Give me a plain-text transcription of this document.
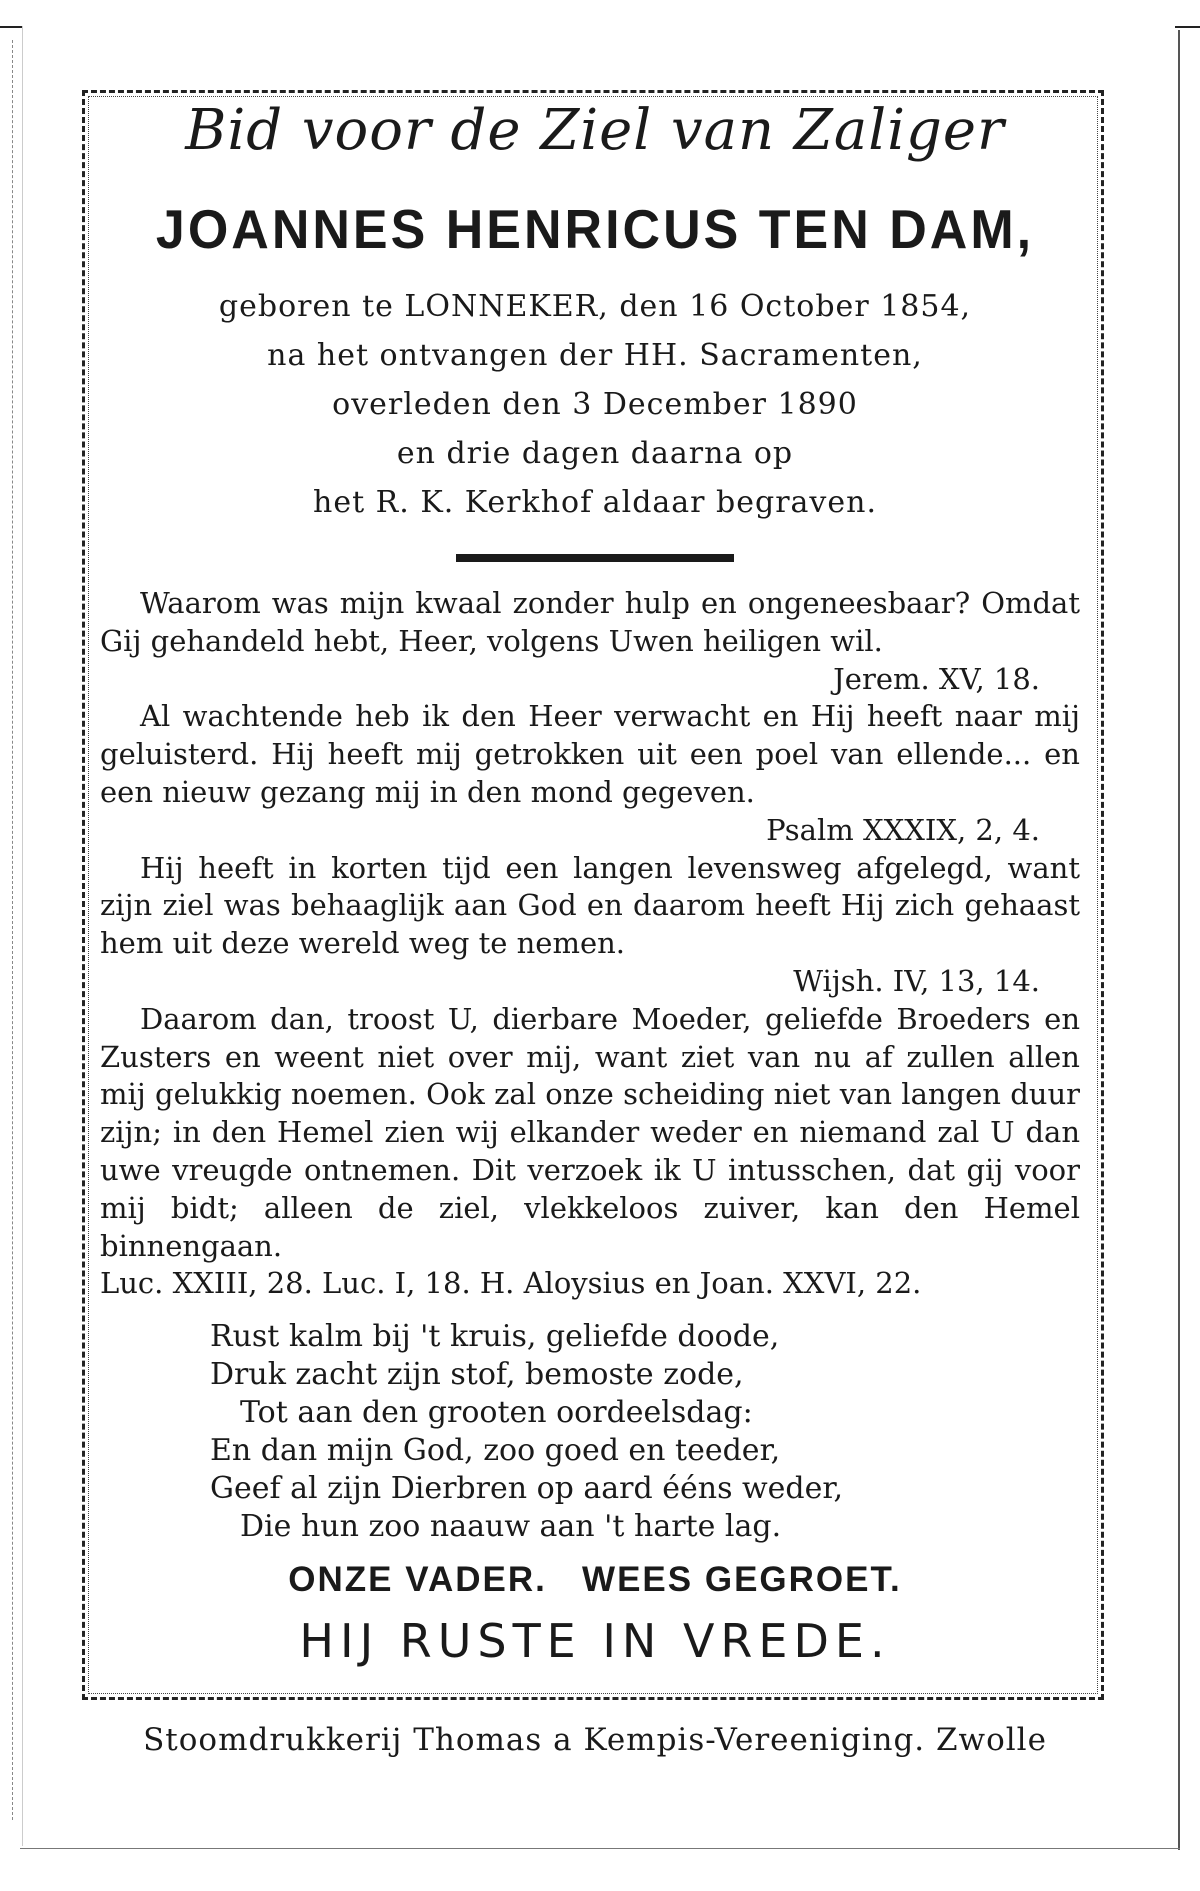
Bid voor de Ziel van Zaliger
JOANNES HENRICUS TEN DAM,
geboren te LONNEKER, den 16 October 1854,
na het ontvangen der HH. Sacramenten,
overleden den 3 December 1890
en drie dagen daarna op
het R. K. Kerkhof aldaar begraven.
Waarom was mijn kwaal zonder hulp en ongeneesbaar? Omdat Gij gehandeld hebt, Heer, volgens Uwen heiligen wil.
Jerem. XV, 18.
Al wachtende heb ik den Heer verwacht en Hij heeft naar mij geluisterd. Hij heeft mij getrokken uit een poel van ellende... en een nieuw gezang mij in den mond gegeven.
Psalm XXXIX, 2, 4.
Hij heeft in korten tijd een langen levensweg afgelegd, want zijn ziel was behaaglijk aan God en daarom heeft Hij zich gehaast hem uit deze wereld weg te nemen.
Wijsh. IV, 13, 14.
Daarom dan, troost U, dierbare Moeder, geliefde Broeders en Zusters en weent niet over mij, want ziet van nu af zullen allen mij gelukkig noemen. Ook zal onze scheiding niet van langen duur zijn; in den Hemel zien wij elkander weder en niemand zal U dan uwe vreugde ontnemen. Dit verzoek ik U intusschen, dat gij voor mij bidt; alleen de ziel, vlekkeloos zuiver, kan den Hemel binnengaan.
Luc. XXIII, 28. Luc. I, 18. H. Aloysius en Joan. XXVI, 22.
Rust kalm bij 't kruis, geliefde doode,
Druk zacht zijn stof, bemoste zode,
Tot aan den grooten oordeelsdag:
En dan mijn God, zoo goed en teeder,
Geef al zijn Dierbren op aard ééns weder,
Die hun zoo naauw aan 't harte lag.
ONZE VADER.   WEES GEGROET.
HIJ RUSTE IN VREDE.
Stoomdrukkerij Thomas a Kempis-Vereeniging. Zwolle
